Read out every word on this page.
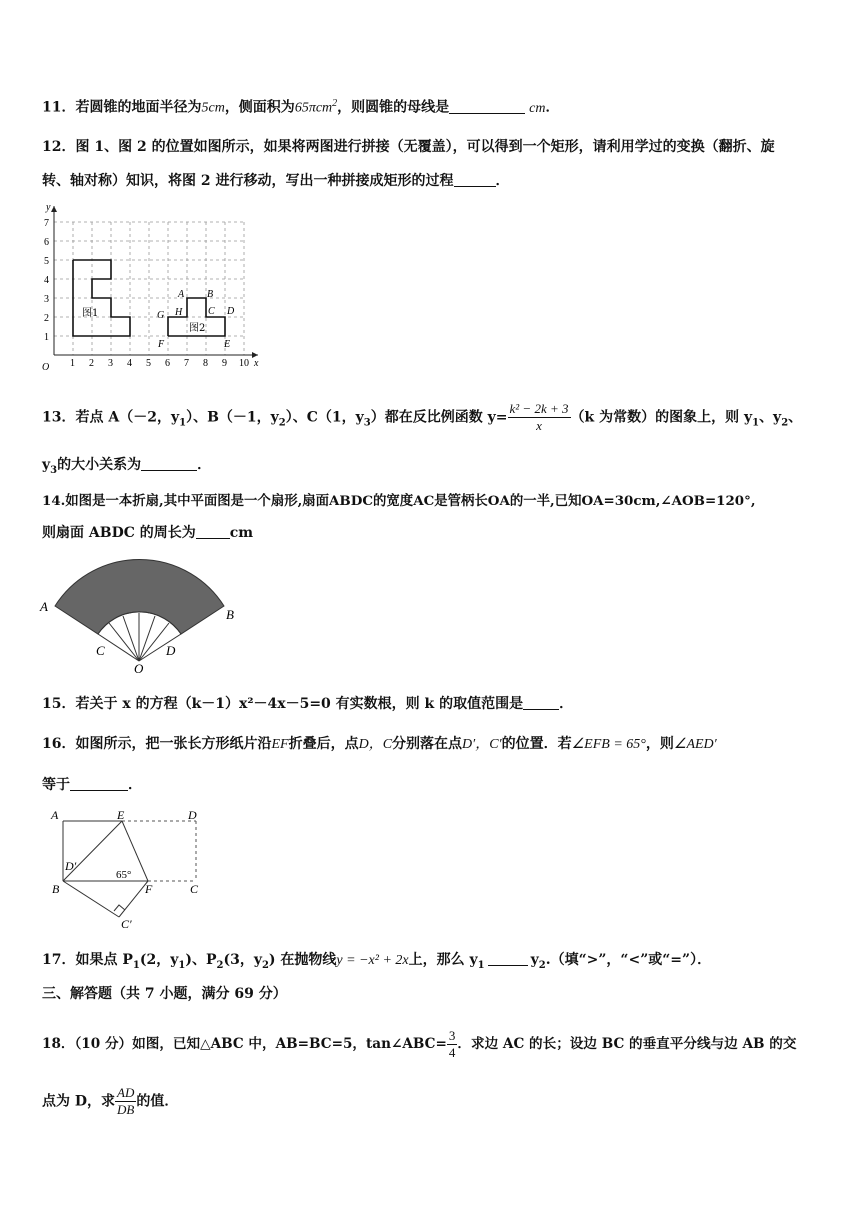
11．若圆锥的地面半径为5cm，侧面积为65πcm$^2$，则圆锥的母线是	cm．
12．图 1、图 2 的位置如图所示，如果将两图进行拼接（无覆盖），可以得到一个矩形，请利用学过的变换（翻折、旋
转、轴对称）知识，将图 2 进行移动，写出一种拼接成矩形的过程	．
y
x
O
1
2
3
4
5
6
7
1 2 3 4 5 6 7 8 9 10
图1
图2
A B
C D
E
F
G H
13．若点 A（－2，$y_1$）、B（－1，$y_2$）、C（1，$y_3$）都在反比例函数 $y= \frac{\text{k² − 2k + 3}}{x} (k$ 为常数）的图象上，则 $y_1$、$y_2$、
$y_3$的大小关系为	．
14.如图是一本折扇,其中平面图是一个扇形,扇面ABDC的宽度AC是管柄长OA的一半,已知OA=30cm,∠AOB=120°,
则扇面 ABDC 的周长为 cm
A
B
C	D
O
15．若关于 x 的方程（k－1）x²－4x－5=0 有实数根，则 k 的取值范围是	．
16．如图所示，把一张长方形纸片沿EF折叠后，点D，C分别落在点D′，C′的位置．若∠EFB = 65°，则∠AED′
等于	．
A	E	D
D′
B	F	C
C′
65°
17．如果点 $P_1(2$，$y_1$)、$P_2(3$，$y_2$) 在抛物线y = −x² + 2x上，那么 $y_1$	$y_2$.（填“>”，“<”或“=”）．
三、解答题（共 7 小题，满分 69 分）
18．（10 分）如图，已知△ABC 中，AB=BC=5，tan∠ABC= $\frac{3}{4}$ ．求边 AC 的长；设边 BC 的垂直平分线与边 AB 的交
点为 D，求 $\frac{AD}{DB}$ 的值．
